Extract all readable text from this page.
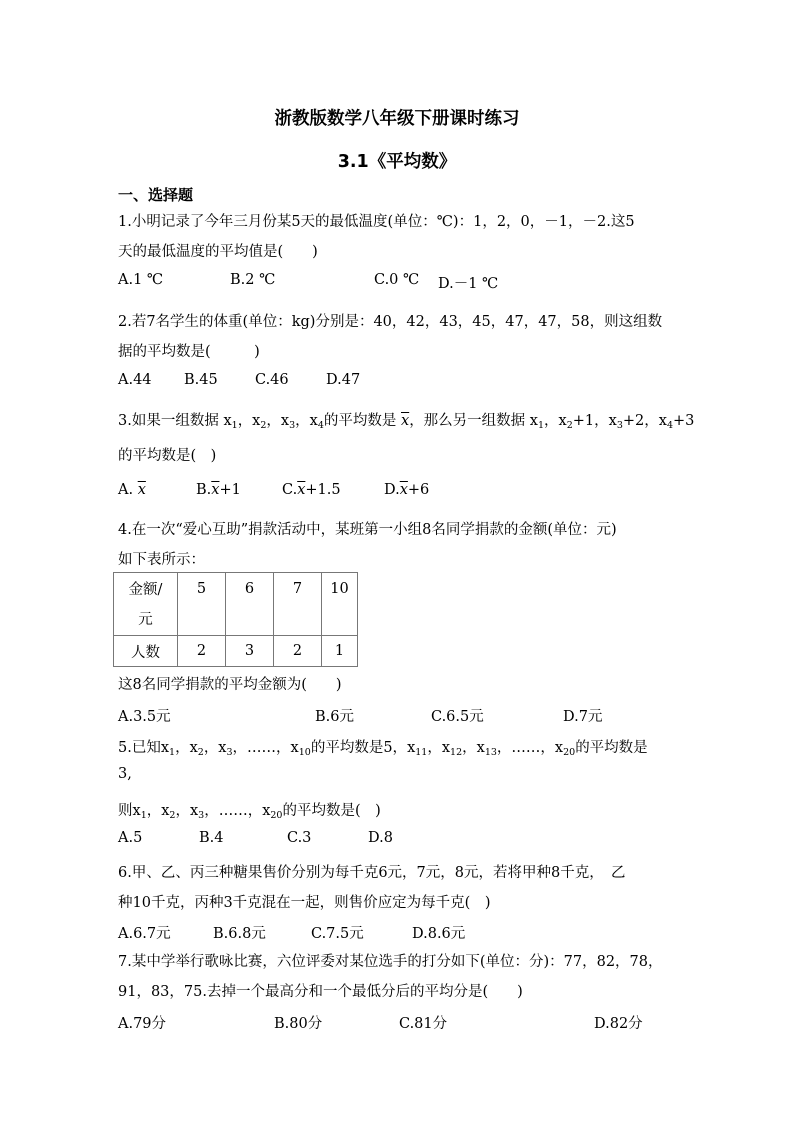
浙教版数学八年级下册课时练习
3.1《平均数》
一、选择题
1.小明记录了今年三月份某5天的最低温度(单位：℃)：1，2，0，－1，－2.这5
天的最低温度的平均值是(　　)
A.1 ℃	B.2 ℃	C.0 ℃ D.－1 ℃
2.若7名学生的体重(单位：kg)分别是：40，42，43，45，47，47，58，则这组数
据的平均数是(　　　)
A.44 B.45	C.46	D.47
3.如果一组数据 $x_1$，$x_2$，$x_3$，$x_4$的平均数是 $\overline{x}$，那么另一组数据 $x_1$，$x_2+1$，$x_3+2$，$x_4+3$
的平均数是(　)
A. $\overline{x}$	$B.\overline{x}+1$	$C.\overline{x}+1.5$	$D.\overline{x}+6$
4.在一次“爱心互助”捐款活动中，某班第一小组8名同学捐款的金额(单位：元)
如下表所示：
金额/
元	5	6	7	10
人数	2	3	2	1
这8名同学捐款的平均金额为(　　)
A.3.5元	B.6元	C.6.5元	D.7元
5.已知$x_1$，$x_2$，$x_3$，……，$x_{10}$的平均数是5，$x_{11}$，$x_{12}$，$x_{13}$，……，$x_{20}$的平均数是
3,
则$x_1$，$x_2$，$x_3$，……，$x_{20}$的平均数是(　)
A.5	B.4	C.3	D.8
6.甲、乙、丙三种糖果售价分别为每千克6元，7元，8元，若将甲种8千克，　乙
种10千克，丙种3千克混在一起，则售价应定为每千克(　)
A.6.7元	B.6.8元	C.7.5元	D.8.6元
7.某中学举行歌咏比赛，六位评委对某位选手的打分如下(单位：分)：77，82，78，
91，83，75.去掉一个最高分和一个最低分后的平均分是(　　)
A.79分	B.80分	C.81分	D.82分
